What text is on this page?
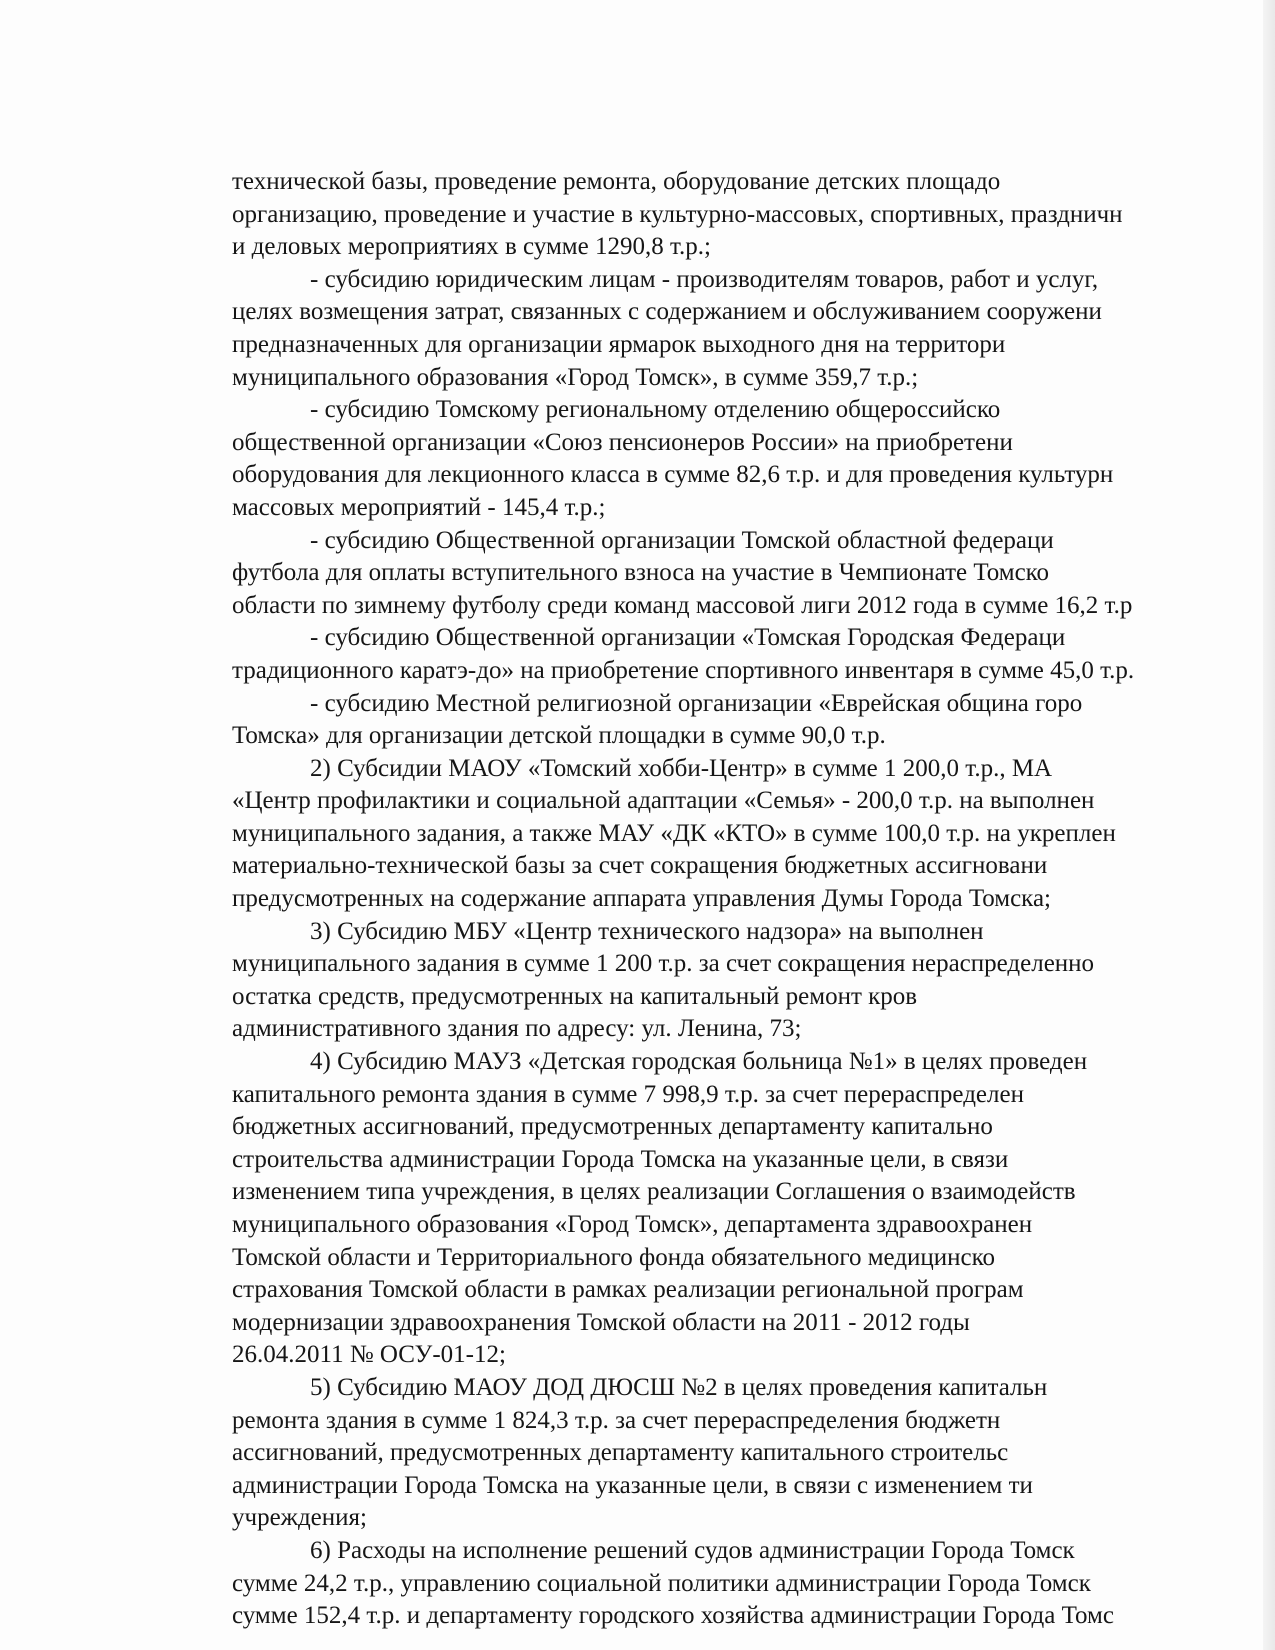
технической базы, проведение ремонта, оборудование детских площадо
организацию, проведение и участие в культурно-массовых, спортивных, праздничн
и деловых мероприятиях в сумме 1290,8 т.р.;

- субсидию юридическим лицам - производителям товаров, работ и услуг,
целях возмещения затрат, связанных с содержанием и обслуживанием сооружени
предназначенных для организации ярмарок выходного дня на территори
муниципального образования «Город Томск», в сумме 359,7 т.р.;

- субсидию Томскому региональному отделению общероссийско
общественной организации «Союз пенсионеров России» на приобретени
оборудования для лекционного класса в сумме 82,6 т.р. и для проведения культурн
массовых мероприятий - 145,4 т.р.;

- субсидию Общественной организации Томской областной федераци
футбола для оплаты вступительного взноса на участие в Чемпионате Томско
области по зимнему футболу среди команд массовой лиги 2012 года в сумме 16,2 т.р

- субсидию Общественной организации «Томская Городская Федераци
традиционного каратэ-до» на приобретение спортивного инвентаря в сумме 45,0 т.р.

- субсидию Местной религиозной организации «Еврейская община горо
Томска» для организации детской площадки в сумме 90,0 т.р.

2) Субсидии МАОУ «Томский хобби-Центр» в сумме 1 200,0 т.р., МА
«Центр профилактики и социальной адаптации «Семья» - 200,0 т.р. на выполнен
муниципального задания, а также МАУ «ДК «КТО» в сумме 100,0 т.р. на укреплен
материально-технической базы за счет сокращения бюджетных ассигновани
предусмотренных на содержание аппарата управления Думы Города Томска;

3) Субсидию МБУ «Центр технического надзора» на выполнен
муниципального задания в сумме 1 200 т.р. за счет сокращения нераспределенно
остатка средств, предусмотренных на капитальный ремонт кров
административного здания по адресу: ул. Ленина, 73;

4) Субсидию МАУЗ «Детская городская больница №1» в целях проведен
капитального ремонта здания в сумме 7 998,9 т.р. за счет перераспределен
бюджетных ассигнований, предусмотренных департаменту капитально
строительства администрации Города Томска на указанные цели, в связи
изменением типа учреждения, в целях реализации Соглашения о взаимодейств
муниципального образования «Город Томск», департамента здравоохранен
Томской области и Территориального фонда обязательного медицинско
страхования Томской области в рамках реализации региональной програм
модернизации здравоохранения Томской области на 2011 - 2012 годы
26.04.2011 № ОСУ-01-12;

5) Субсидию МАОУ ДОД ДЮСШ №2 в целях проведения капитальн
ремонта здания в сумме 1 824,3 т.р. за счет перераспределения бюджетн
ассигнований, предусмотренных департаменту капитального строительс
администрации Города Томска на указанные цели, в связи с изменением ти
учреждения;

6) Расходы на исполнение решений судов администрации Города Томск
сумме 24,2 т.р., управлению социальной политики администрации Города Томск
сумме 152,4 т.р. и департаменту городского хозяйства администрации Города Томс
